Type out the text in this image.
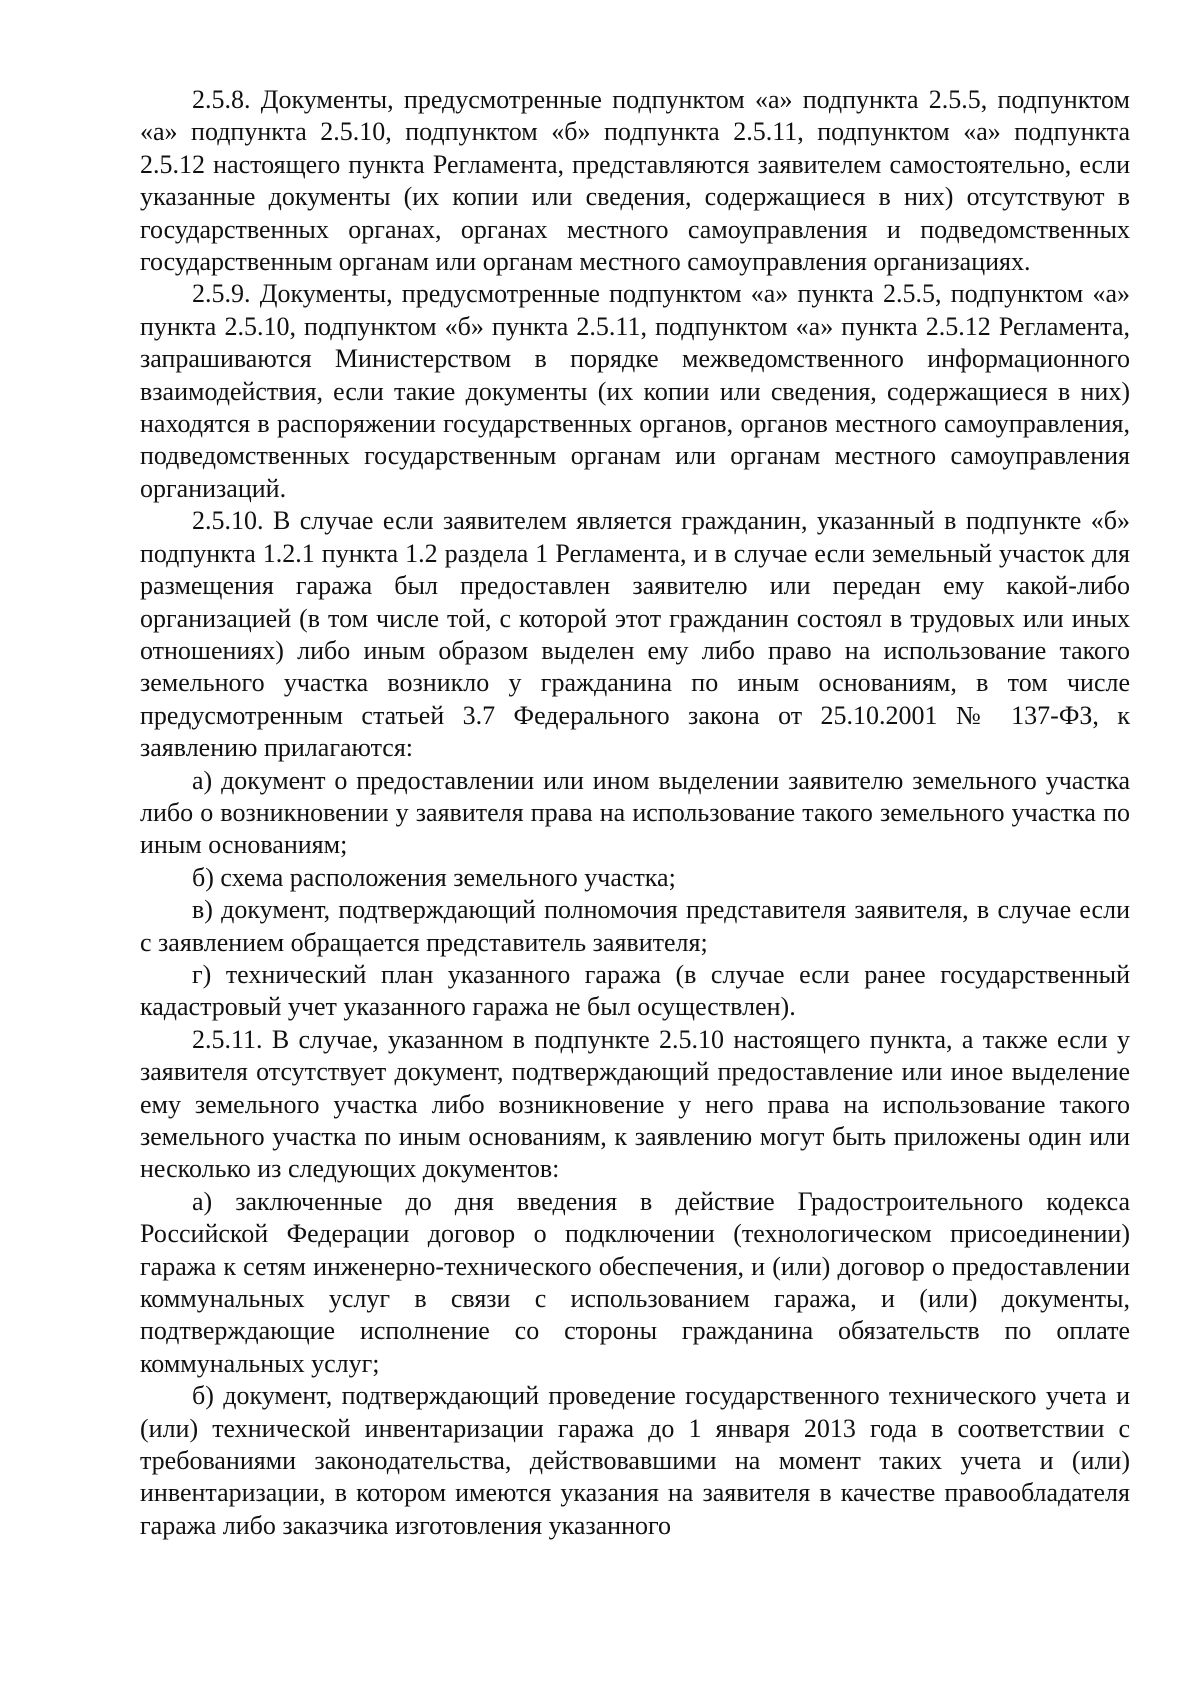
2.5.8. Документы, предусмотренные подпунктом «а» подпункта 2.5.5, подпунктом «а» подпункта 2.5.10, подпунктом «б» подпункта 2.5.11, подпунктом «а» подпункта 2.5.12 настоящего пункта Регламента, представляются заявителем самостоятельно, если указанные документы (их копии или сведения, содержащиеся в них) отсутствуют в государственных органах, органах местного самоуправления и подведомственных государственным органам или органам местного самоуправления организациях.

2.5.9. Документы, предусмотренные подпунктом «а» пункта 2.5.5, подпунктом «а» пункта 2.5.10, подпунктом «б» пункта 2.5.11, подпунктом «а» пункта 2.5.12 Регламента, запрашиваются Министерством в порядке межведомственного информационного взаимодействия, если такие документы (их копии или сведения, содержащиеся в них) находятся в распоряжении государственных органов, органов местного самоуправления, подведомственных государственным органам или органам местного самоуправления организаций.

2.5.10. В случае если заявителем является гражданин, указанный в подпункте «б» подпункта 1.2.1 пункта 1.2 раздела 1 Регламента, и в случае если земельный участок для размещения гаража был предоставлен заявителю или передан ему какой-либо организацией (в том числе той, с которой этот гражданин состоял в трудовых или иных отношениях) либо иным образом выделен ему либо право на использование такого земельного участка возникло у гражданина по иным основаниям, в том числе предусмотренным статьей 3.7 Федерального закона от 25.10.2001 № 137-ФЗ, к заявлению прилагаются:

а) документ о предоставлении или ином выделении заявителю земельного участка либо о возникновении у заявителя права на использование такого земельного участка по иным основаниям;

б) схема расположения земельного участка;

в) документ, подтверждающий полномочия представителя заявителя, в случае если с заявлением обращается представитель заявителя;

г) технический план указанного гаража (в случае если ранее государственный кадастровый учет указанного гаража не был осуществлен).

2.5.11. В случае, указанном в подпункте 2.5.10 настоящего пункта, а также если у заявителя отсутствует документ, подтверждающий предоставление или иное выделение ему земельного участка либо возникновение у него права на использование такого земельного участка по иным основаниям, к заявлению могут быть приложены один или несколько из следующих документов:

а) заключенные до дня введения в действие Градостроительного кодекса Российской Федерации договор о подключении (технологическом присоединении) гаража к сетям инженерно-технического обеспечения, и (или) договор о предоставлении коммунальных услуг в связи с использованием гаража, и (или) документы, подтверждающие исполнение со стороны гражданина обязательств по оплате коммунальных услуг;

б) документ, подтверждающий проведение государственного технического учета и (или) технической инвентаризации гаража до 1 января 2013 года в соответствии с требованиями законодательства, действовавшими на момент таких учета и (или) инвентаризации, в котором имеются указания на заявителя в качестве правообладателя гаража либо заказчика изготовления указанного
